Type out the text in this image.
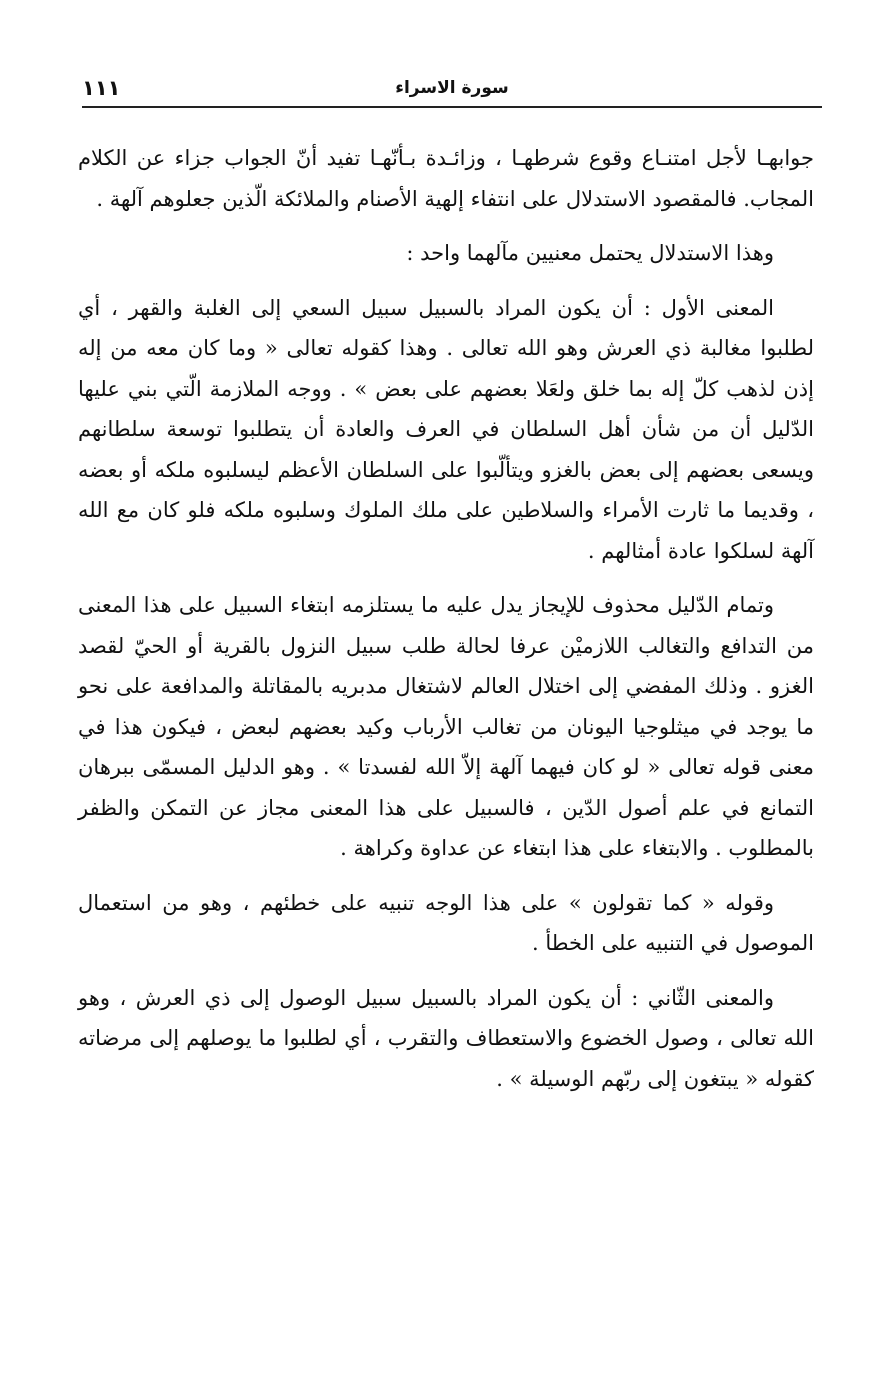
١١١	سورة الاسراء

جوابهـا لأجل امتنـاع وقوع شرطهـا ، وزائـدة بـأنّهـا تفيد أنّ الجواب جزاء عن الكلام المجاب. فالمقصود الاستدلال على انتفاء إلهية الأصنام والملائكة الّذين جعلوهم آلهة .

وهذا الاستدلال يحتمل معنيين مآلهما واحد :

المعنى الأول : أن يكون المراد بالسبيل سبيل السعي إلى الغلبة والقهر ، أي لطلبوا مغالبة ذي العرش وهو الله تعالى . وهذا كقوله تعالى « وما كان معه من إله إذن لذهب كلّ إله بما خلق ولعَلا بعضهم على بعض » . ووجه الملازمة الّتي بني عليها الدّليل أن من شأن أهل السلطان في العرف والعادة أن يتطلبوا توسعة سلطانهم ويسعى بعضهم إلى بعض بالغزو ويتألّبوا على السلطان الأعظم ليسلبوه ملكه أو بعضه ، وقديما ما ثارت الأمراء والسلاطين على ملك الملوك وسلبوه ملكه فلو كان مع الله آلهة لسلكوا عادة أمثالهم .

وتمام الدّليل محذوف للإيجاز يدل عليه ما يستلزمه ابتغاء السبيل على هذا المعنى من التدافع والتغالب اللازميْن عرفا لحالة طلب سبيل النزول بالقرية أو الحيّ لقصد الغزو . وذلك المفضي إلى اختلال العالم لاشتغال مدبريه بالمقاتلة والمدافعة على نحو ما يوجد في ميثلوجيا اليونان من تغالب الأرباب وكيد بعضهم لبعض ، فيكون هذا في معنى قوله تعالى « لو كان فيهما آلهة إلاّ الله لفسدتا » . وهو الدليل المسمّى ببرهان التمانع في علم أصول الدّين ، فالسبيل على هذا المعنى مجاز عن التمكن والظفر بالمطلوب . والابتغاء على هذا ابتغاء عن عداوة وكراهة .

وقوله « كما تقولون » على هذا الوجه تنبيه على خطئهم ، وهو من استعمال الموصول في التنبيه على الخطأ .

والمعنى الثّاني : أن يكون المراد بالسبيل سبيل الوصول إلى ذي العرش ، وهو الله تعالى ، وصول الخضوع والاستعطاف والتقرب ، أي لطلبوا ما يوصلهم إلى مرضاته كقوله « يبتغون إلى ربّهم الوسيلة » .
